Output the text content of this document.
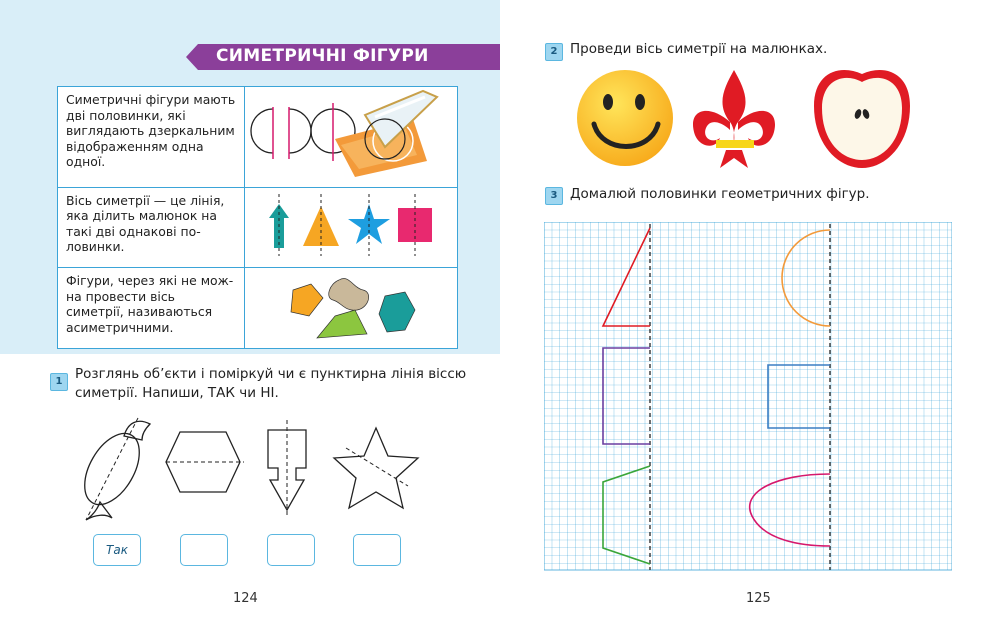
СИМЕТРИЧНІ ФІГУРИ
Симетричні фігури мають дві половинки, які виглядають дзеркальним відображенням одна одної.	
Вісь симетрії — це лінія, яка ділить малюнок на такі дві однакові половинки.	
Фігури, через які не можна провести вісь симетрії, називаються асиметричними.	
1 Розглянь об’єкти і поміркуй чи є пунктирна лінія віссю симетрії. Напиши, ТАК чи НІ.
Так
124
2 Проведи вісь симетрії на малюнках.
3 Домалюй половинки геометричних фігур.
125
